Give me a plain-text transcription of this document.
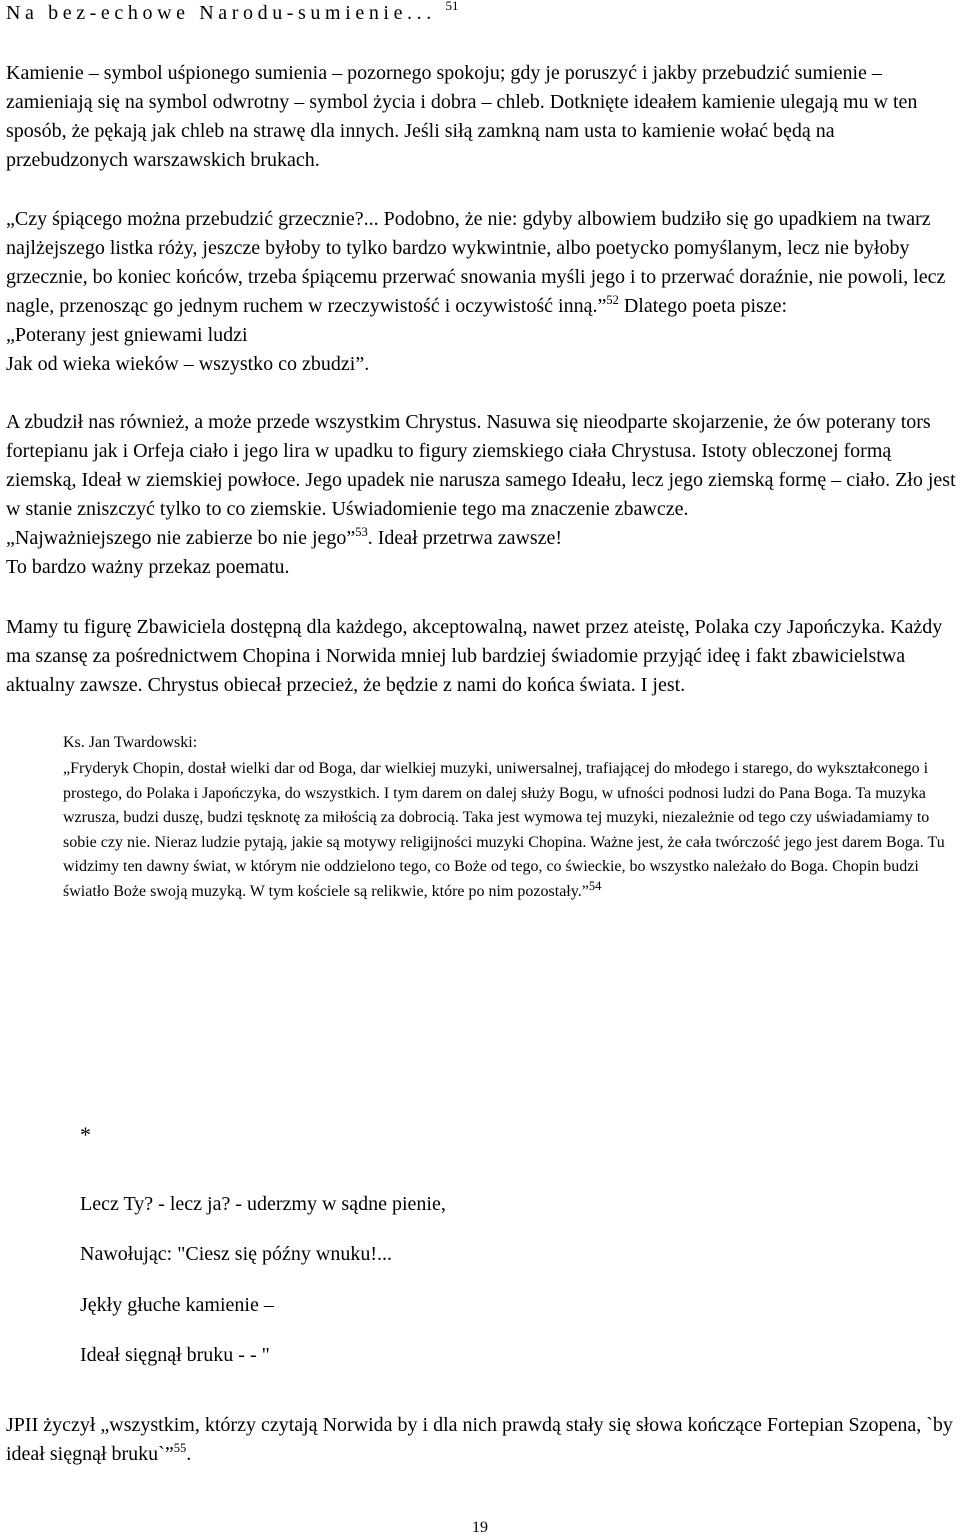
Na bez-echowe Narodu-sumienie... $^{51}$
Kamienie – symbol uśpionego sumienia – pozornego spokoju; gdy je poruszyć i jakby przebudzić sumienie – zamieniają się na symbol odwrotny – symbol życia i dobra – chleb. Dotknięte ideałem kamienie ulegają mu w ten sposób, że pękają jak chleb na strawę dla innych. Jeśli siłą zamkną nam usta to kamienie wołać będą na przebudzonych warszawskich brukach.
„Czy śpiącego można przebudzić grzecznie?... Podobno, że nie: gdyby albowiem budziło się go upadkiem na twarz najlżejszego listka róży, jeszcze byłoby to tylko bardzo wykwintnie, albo poetycko pomyślanym, lecz nie byłoby grzecznie, bo koniec końców, trzeba śpiącemu przerwać snowania myśli jego i to przerwać doraźnie, nie powoli, lecz nagle, przenosząc go jednym ruchem w rzeczywistość i oczywistość inną.”$^{52}$ Dlatego poeta pisze:
„Poterany jest gniewami ludzi
Jak od wieka wieków – wszystko co zbudzi”.
A zbudził nas również, a może przede wszystkim Chrystus. Nasuwa się nieodparte skojarzenie, że ów poterany tors fortepianu jak i Orfeja ciało i jego lira w upadku to figury ziemskiego ciała Chrystusa. Istoty obleczonej formą ziemską, Ideał w ziemskiej powłoce. Jego upadek nie narusza samego Ideału, lecz jego ziemską formę – ciało. Zło jest w stanie zniszczyć tylko to co ziemskie. Uświadomienie tego ma znaczenie zbawcze.
„Najważniejszego nie zabierze bo nie jego”$^{53}$. Ideał przetrwa zawsze!
To bardzo ważny przekaz poematu.
Mamy tu figurę Zbawiciela dostępną dla każdego, akceptowalną, nawet przez ateistę, Polaka czy Japończyka. Każdy ma szansę za pośrednictwem Chopina i Norwida mniej lub bardziej świadomie przyjąć ideę i fakt zbawicielstwa aktualny zawsze. Chrystus obiecał przecież, że będzie z nami do końca świata. I jest.
Ks. Jan Twardowski:
„Fryderyk Chopin, dostał wielki dar od Boga, dar wielkiej muzyki, uniwersalnej, trafiającej do młodego i starego, do wykształconego i prostego, do Polaka i Japończyka, do wszystkich. I tym darem on dalej służy Bogu, w ufności podnosi ludzi do Pana Boga. Ta muzyka wzrusza, budzi duszę, budzi tęsknotę za miłością za dobrocią. Taka jest wymowa tej muzyki, niezależnie od tego czy uświadamiamy to sobie czy nie. Nieraz ludzie pytają, jakie są motywy religijności muzyki Chopina. Ważne jest, że cała twórczość jego jest darem Boga. Tu widzimy ten dawny świat, w którym nie oddzielono tego, co Boże od tego, co świeckie, bo wszystko należało do Boga. Chopin budzi światło Boże swoją muzyką. W tym kościele są relikwie, które po nim pozostały.”$^{54}$
*
Lecz Ty? - lecz ja? - uderzmy w sądne pienie,
Nawołując: "Ciesz się późny wnuku!...
Jękły głuche kamienie –
Ideał sięgnął bruku - - "
JPII życzył „wszystkim, którzy czytają Norwida by i dla nich prawdą stały się słowa kończące Fortepian Szopena, `by ideał sięgnął bruku`”$^{55}$.
19
